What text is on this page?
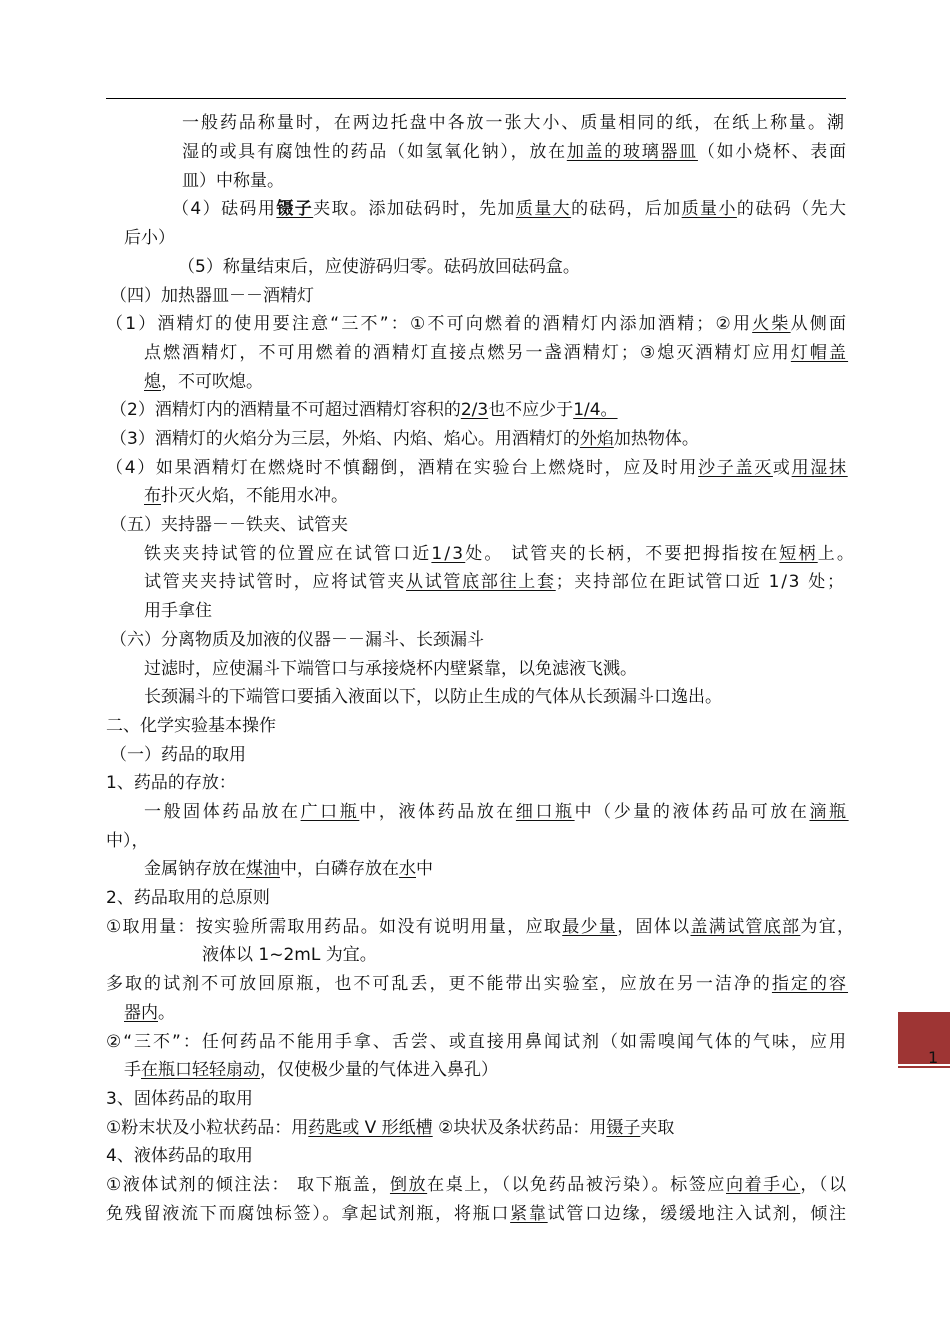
一般药品称量时，在两边托盘中各放一张大小、质量相同的纸，在纸上称量。潮
湿的或具有腐蚀性的药品（如氢氧化钠），放在加盖的玻璃器皿（如小烧杯、表面
皿）中称量。
（4）砝码用镊子夹取。添加砝码时，先加质量大的砝码，后加质量小的砝码（先大
后小）
（5）称量结束后，应使游码归零。砝码放回砝码盒。
（四）加热器皿－－酒精灯
（1）酒精灯的使用要注意“三不”：①不可向燃着的酒精灯内添加酒精；②用火柴从侧面
点燃酒精灯，不可用燃着的酒精灯直接点燃另一盏酒精灯；③熄灭酒精灯应用灯帽盖
熄，不可吹熄。
（2）酒精灯内的酒精量不可超过酒精灯容积的2/3也不应少于1/4。
（3）酒精灯的火焰分为三层，外焰、内焰、焰心。用酒精灯的外焰加热物体。
（4）如果酒精灯在燃烧时不慎翻倒，酒精在实验台上燃烧时，应及时用沙子盖灭或用湿抹
布扑灭火焰，不能用水冲。
（五）夹持器－－铁夹、试管夹
铁夹夹持试管的位置应在试管口近1/3处。 试管夹的长柄，不要把拇指按在短柄上。
试管夹夹持试管时，应将试管夹从试管底部往上套；夹持部位在距试管口近 1/3 处；
用手拿住
（六）分离物质及加液的仪器－－漏斗、长颈漏斗
过滤时，应使漏斗下端管口与承接烧杯内壁紧靠，以免滤液飞溅。
长颈漏斗的下端管口要插入液面以下，以防止生成的气体从长颈漏斗口逸出。
二、化学实验基本操作
（一）药品的取用
1、药品的存放：
一般固体药品放在广口瓶中，液体药品放在细口瓶中（少量的液体药品可放在滴瓶
中），
金属钠存放在煤油中，白磷存放在水中
2、药品取用的总原则
①取用量：按实验所需取用药品。如没有说明用量，应取最少量，固体以盖满试管底部为宜，
液体以 1~2mL 为宜。
多取的试剂不可放回原瓶，也不可乱丢，更不能带出实验室，应放在另一洁净的指定的容
器内。
②“三不”：任何药品不能用手拿、舌尝、或直接用鼻闻试剂（如需嗅闻气体的气味，应用
手在瓶口轻轻扇动，仅使极少量的气体进入鼻孔）
3、固体药品的取用
①粉末状及小粒状药品：用药匙或 V 形纸槽 ②块状及条状药品：用镊子夹取
4、液体药品的取用
①液体试剂的倾注法： 取下瓶盖，倒放在桌上，（以免药品被污染）。标签应向着手心，（以
免残留液流下而腐蚀标签）。拿起试剂瓶，将瓶口紧靠试管口边缘，缓缓地注入试剂，倾注
1
